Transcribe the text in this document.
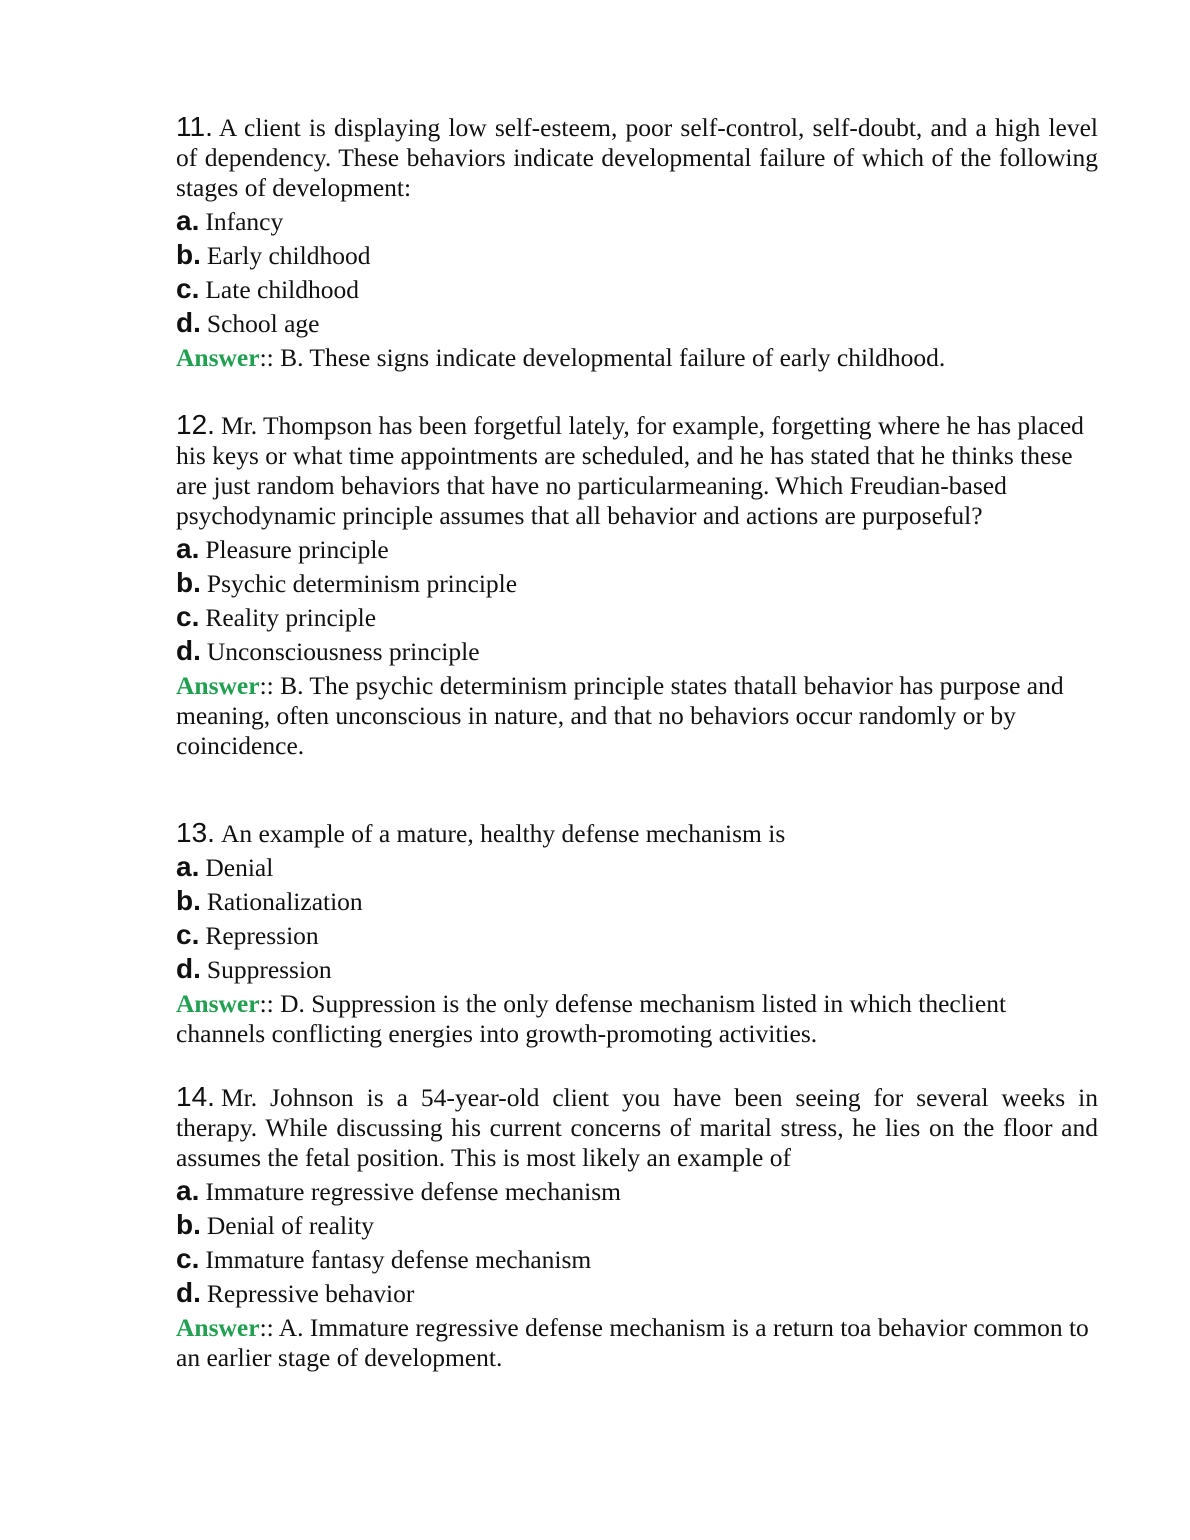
11. A client is displaying low self-esteem, poor self-control, self-doubt, and a high level of dependency. These behaviors indicate developmental failure of which of the following stages of development:

a. Infancy
b. Early childhood
c. Late childhood
d. School age
Answer:: B. These signs indicate developmental failure of early childhood.

12. Mr. Thompson has been forgetful lately, for example, forgetting where he has placed his keys or what time appointments are scheduled, and he has stated that he thinks these are just random behaviors that have no particularmeaning. Which Freudian-based psychodynamic principle assumes that all behavior and actions are purposeful?

a. Pleasure principle
b. Psychic determinism principle
c. Reality principle
d. Unconsciousness principle
Answer:: B. The psychic determinism principle states thatall behavior has purpose and meaning, often unconscious in nature, and that no behaviors occur randomly or by coincidence.

13. An example of a mature, healthy defense mechanism is

a. Denial
b. Rationalization
c. Repression
d. Suppression
Answer:: D. Suppression is the only defense mechanism listed in which theclient channels conflicting energies into growth-promoting activities.

14. Mr. Johnson is a 54-year-old client you have been seeing for several weeks in therapy. While discussing his current concerns of marital stress, he lies on the floor and assumes the fetal position. This is most likely an example of

a. Immature regressive defense mechanism
b. Denial of reality
c. Immature fantasy defense mechanism
d. Repressive behavior
Answer:: A. Immature regressive defense mechanism is a return toa behavior common to an earlier stage of development.
